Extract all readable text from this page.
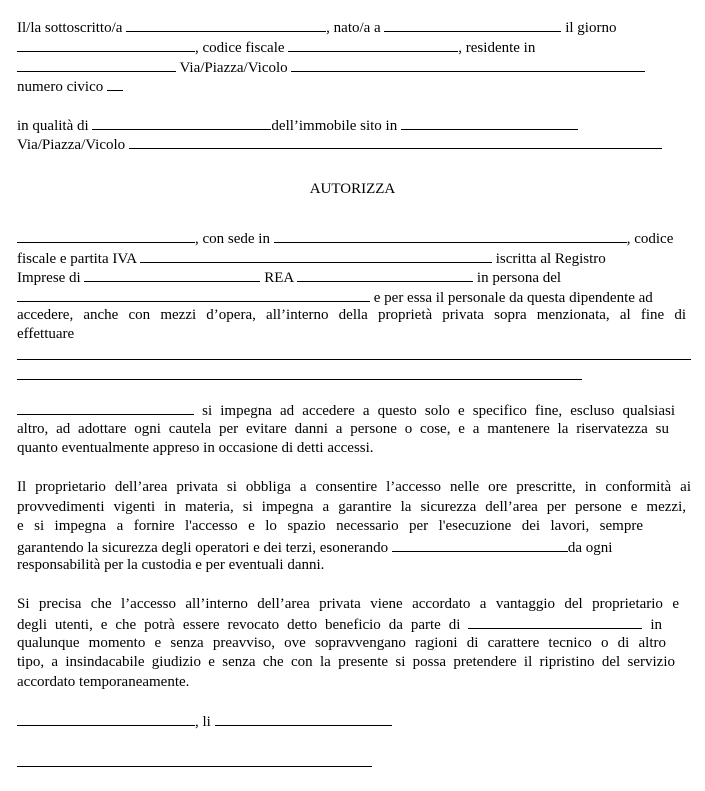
Il/la sottoscritto/a	, nato/a a	il giorno
, codice fiscale	, residente in
Via/Piazza/Vicolo
numero civico
in qualità di	dell’immobile sito in
Via/Piazza/Vicolo
AUTORIZZA
, con sede in	, codice
fiscale e partita IVA	iscritta al Registro
Imprese di	REA	in persona del
e per essa il personale da questa dipendente ad
accedere, anche con mezzi d’opera, all’interno della proprietà privata sopra menzionata, al fine di
effettuare
si impegna ad accedere a questo solo e specifico fine, escluso qualsiasi
altro, ad adottare ogni cautela per evitare danni a persone o cose, e a mantenere la riservatezza su
quanto eventualmente appreso in occasione di detti accessi.
Il proprietario dell’area privata si obbliga a consentire l’accesso nelle ore prescritte, in conformità ai
provvedimenti vigenti in materia, si impegna a garantire la sicurezza dell’area per persone e mezzi,
e si impegna a fornire l'accesso e lo spazio necessario per l'esecuzione dei lavori, sempre
garantendo la sicurezza degli operatori e dei terzi, esonerando	da ogni
responsabilità per la custodia e per eventuali danni.
Si precisa che l’accesso all’interno dell’area privata viene accordato a vantaggio del proprietario e
degli utenti, e che potrà essere revocato detto beneficio da parte di	in
qualunque momento e senza preavviso, ove sopravvengano ragioni di carattere tecnico o di altro
tipo, a insindacabile giudizio e senza che con la presente si possa pretendere il ripristino del servizio
accordato temporaneamente.
, li
